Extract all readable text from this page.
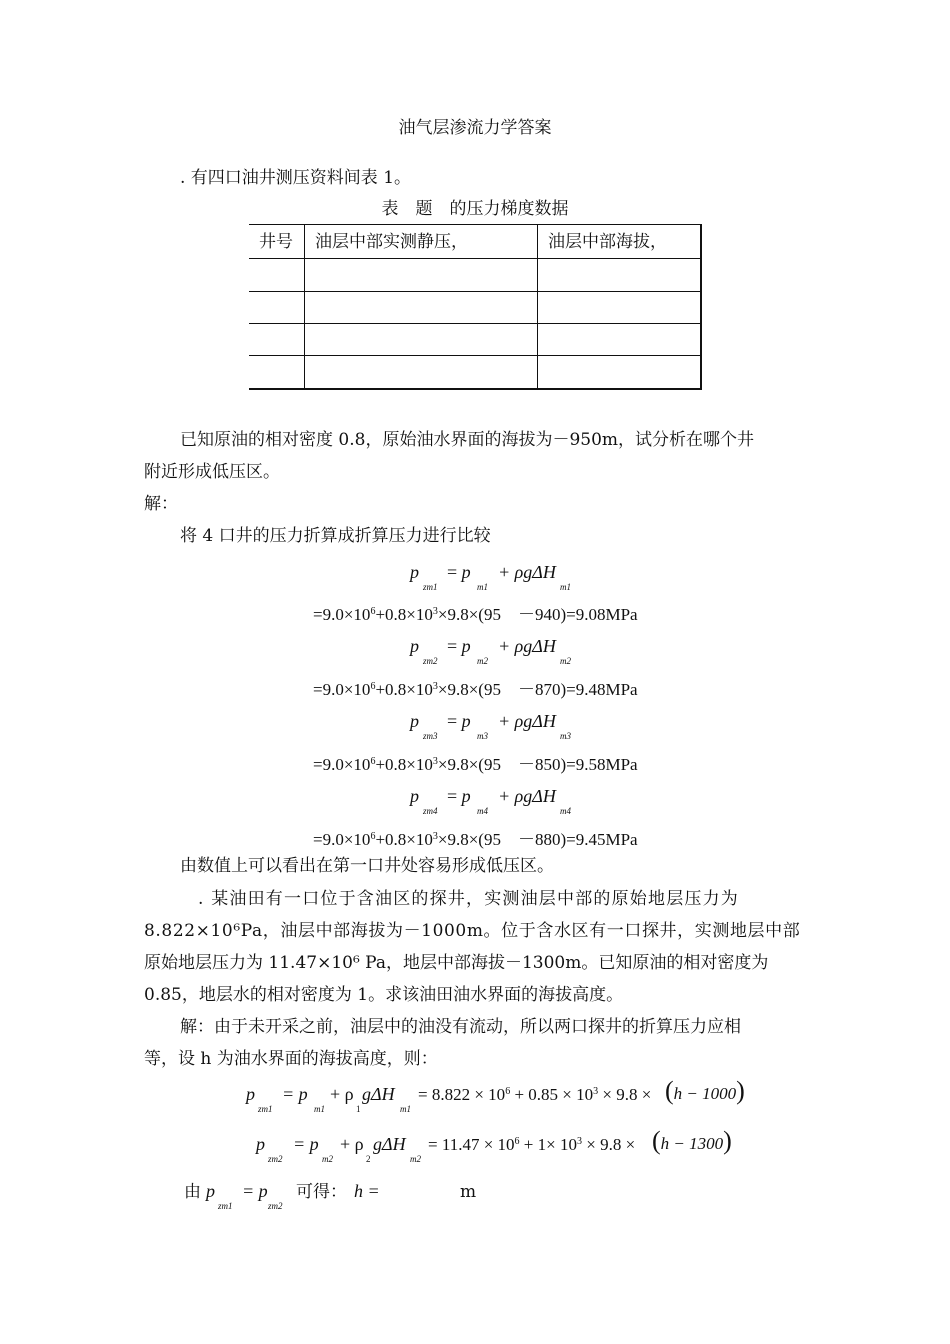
油气层渗流力学答案
. 有四口油井测压资料间表 1。
表　题　的压力梯度数据
井号 油层中部实测静压，	油层中部海拔，
已知原油的相对密度 0.8，原始油水界面的海拔为－950m，试分析在哪个井
附近形成低压区。
解：
将 4 口井的压力折算成折算压力进行比较
p
zm1
= p
m1
+ ρgΔH
m1
$=9.0\times 10^6+0.8\times 10^3\times 9.8\times(95$　－940)=9.08MPa
p
zm2
= p
m2
+ ρgΔH
m2
$=9.0\times 10^6+0.8\times 10^3\times 9.8\times(95$　－870)=9.48MPa
p
zm3
= p
m3
+ ρgΔH
m3
$=9.0\times 10^6+0.8\times 10^3\times 9.8\times(95$　－850)=9.58MPa
p
zm4
= p
m4
+ ρgΔH
m4
$=9.0\times 10^6+0.8\times 10^3\times 9.8\times(95$　－880)=9.45MPa
由数值上可以看出在第一口井处容易形成低压区。
. 某油田有一口位于含油区的探井，实测油层中部的原始地层压力为
8.822×10⁶Pa，油层中部海拔为－1000m。位于含水区有一口探井，实测地层中部
原始地层压力为 11.47×10⁶ Pa，地层中部海拔－1300m。已知原油的相对密度为
0.85，地层水的相对密度为 1。求该油田油水界面的海拔高度。
解：由于未开采之前，油层中的油没有流动，所以两口探井的折算压力应相
等，设 h 为油水界面的海拔高度，则：
p
zm1
= p
m1
+ ρ
1
gΔH
m1
= $8.822 \times 10^6 + 0.85 \times 10^3 \times 9.8 \times (h - 1000)$
p
zm2
= p
m2
+ ρ
2
gΔH
m2
= $11.47 \times 10^6 + 1\times 10^3 \times 9.8 \times (h - 1300)$
由 p
zm1
= p
zm2
可得： h =	m
